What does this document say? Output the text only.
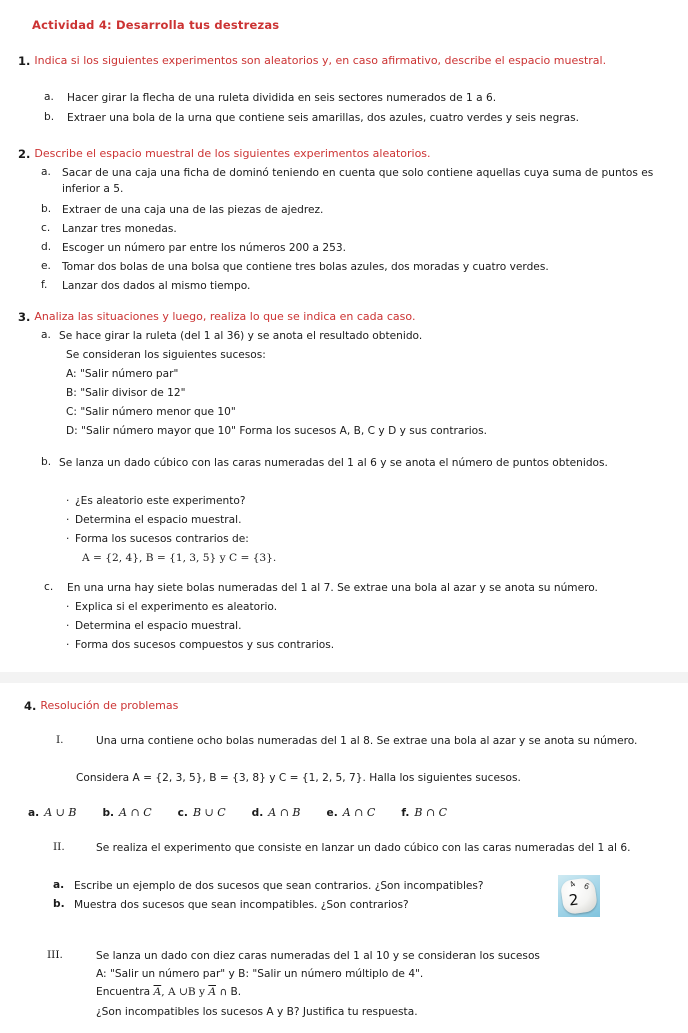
Actividad 4: Desarrolla tus destrezas
1. Indica si los siguientes experimentos son aleatorios y, en caso afirmativo, describe el espacio muestral.
a. Hacer girar la flecha de una ruleta dividida en seis sectores numerados de 1 a 6.
b. Extraer una bola de la urna que contiene seis amarillas, dos azules, cuatro verdes y seis negras.
2. Describe el espacio muestral de los siguientes experimentos aleatorios.
a. Sacar de una caja una ficha de dominó teniendo en cuenta que solo contiene aquellas cuya suma de puntos es inferior a 5.
b. Extraer de una caja una de las piezas de ajedrez.
c. Lanzar tres monedas.
d. Escoger un número par entre los números 200 a 253.
e. Tomar dos bolas de una bolsa que contiene tres bolas azules, dos moradas y cuatro verdes.
f. Lanzar dos dados al mismo tiempo.
3. Analiza las situaciones y luego, realiza lo que se indica en cada caso.
a. Se hace girar la ruleta (del 1 al 36) y se anota el resultado obtenido.
Se consideran los siguientes sucesos:
A: "Salir número par"
B: "Salir divisor de 12"
C: "Salir número menor que 10"
D: "Salir número mayor que 10" Forma los sucesos A, B, C y D y sus contrarios.
b. Se lanza un dado cúbico con las caras numeradas del 1 al 6 y se anota el número de puntos obtenidos.
· ¿Es aleatorio este experimento?
· Determina el espacio muestral.
· Forma los sucesos contrarios de:
A = {2, 4}, B = {1, 3, 5} y C = {3}.
c. En una urna hay siete bolas numeradas del 1 al 7. Se extrae una bola al azar y se anota su número.
· Explica si el experimento es aleatorio.
· Determina el espacio muestral.
· Forma dos sucesos compuestos y sus contrarios.
4. Resolución de problemas
I.	Una urna contiene ocho bolas numeradas del 1 al 8. Se extrae una bola al azar y se anota su número.
Considera A = {2, 3, 5}, B = {3, 8} y C = {1, 2, 5, 7}. Halla los siguientes sucesos.
a. A ∪ B b. A ∩ C c. B ∪ C d. A ∩ B e. A ∩ C f. B ∩ C
II.	Se realiza el experimento que consiste en lanzar un dado cúbico con las caras numeradas del 1 al 6.
a. Escribe un ejemplo de dos sucesos que sean contrarios. ¿Son incompatibles?
b. Muestra dos sucesos que sean incompatibles. ¿Son contrarios?
4 6
2
III.	Se lanza un dado con diez caras numeradas del 1 al 10 y se consideran los sucesos
A: "Salir un número par" y B: "Salir un número múltiplo de 4".
Encuentra $\overline{A}$, A ∪B y $\overline{A}$ ∩ B.
¿Son incompatibles los sucesos A y B? Justifica tu respuesta.
